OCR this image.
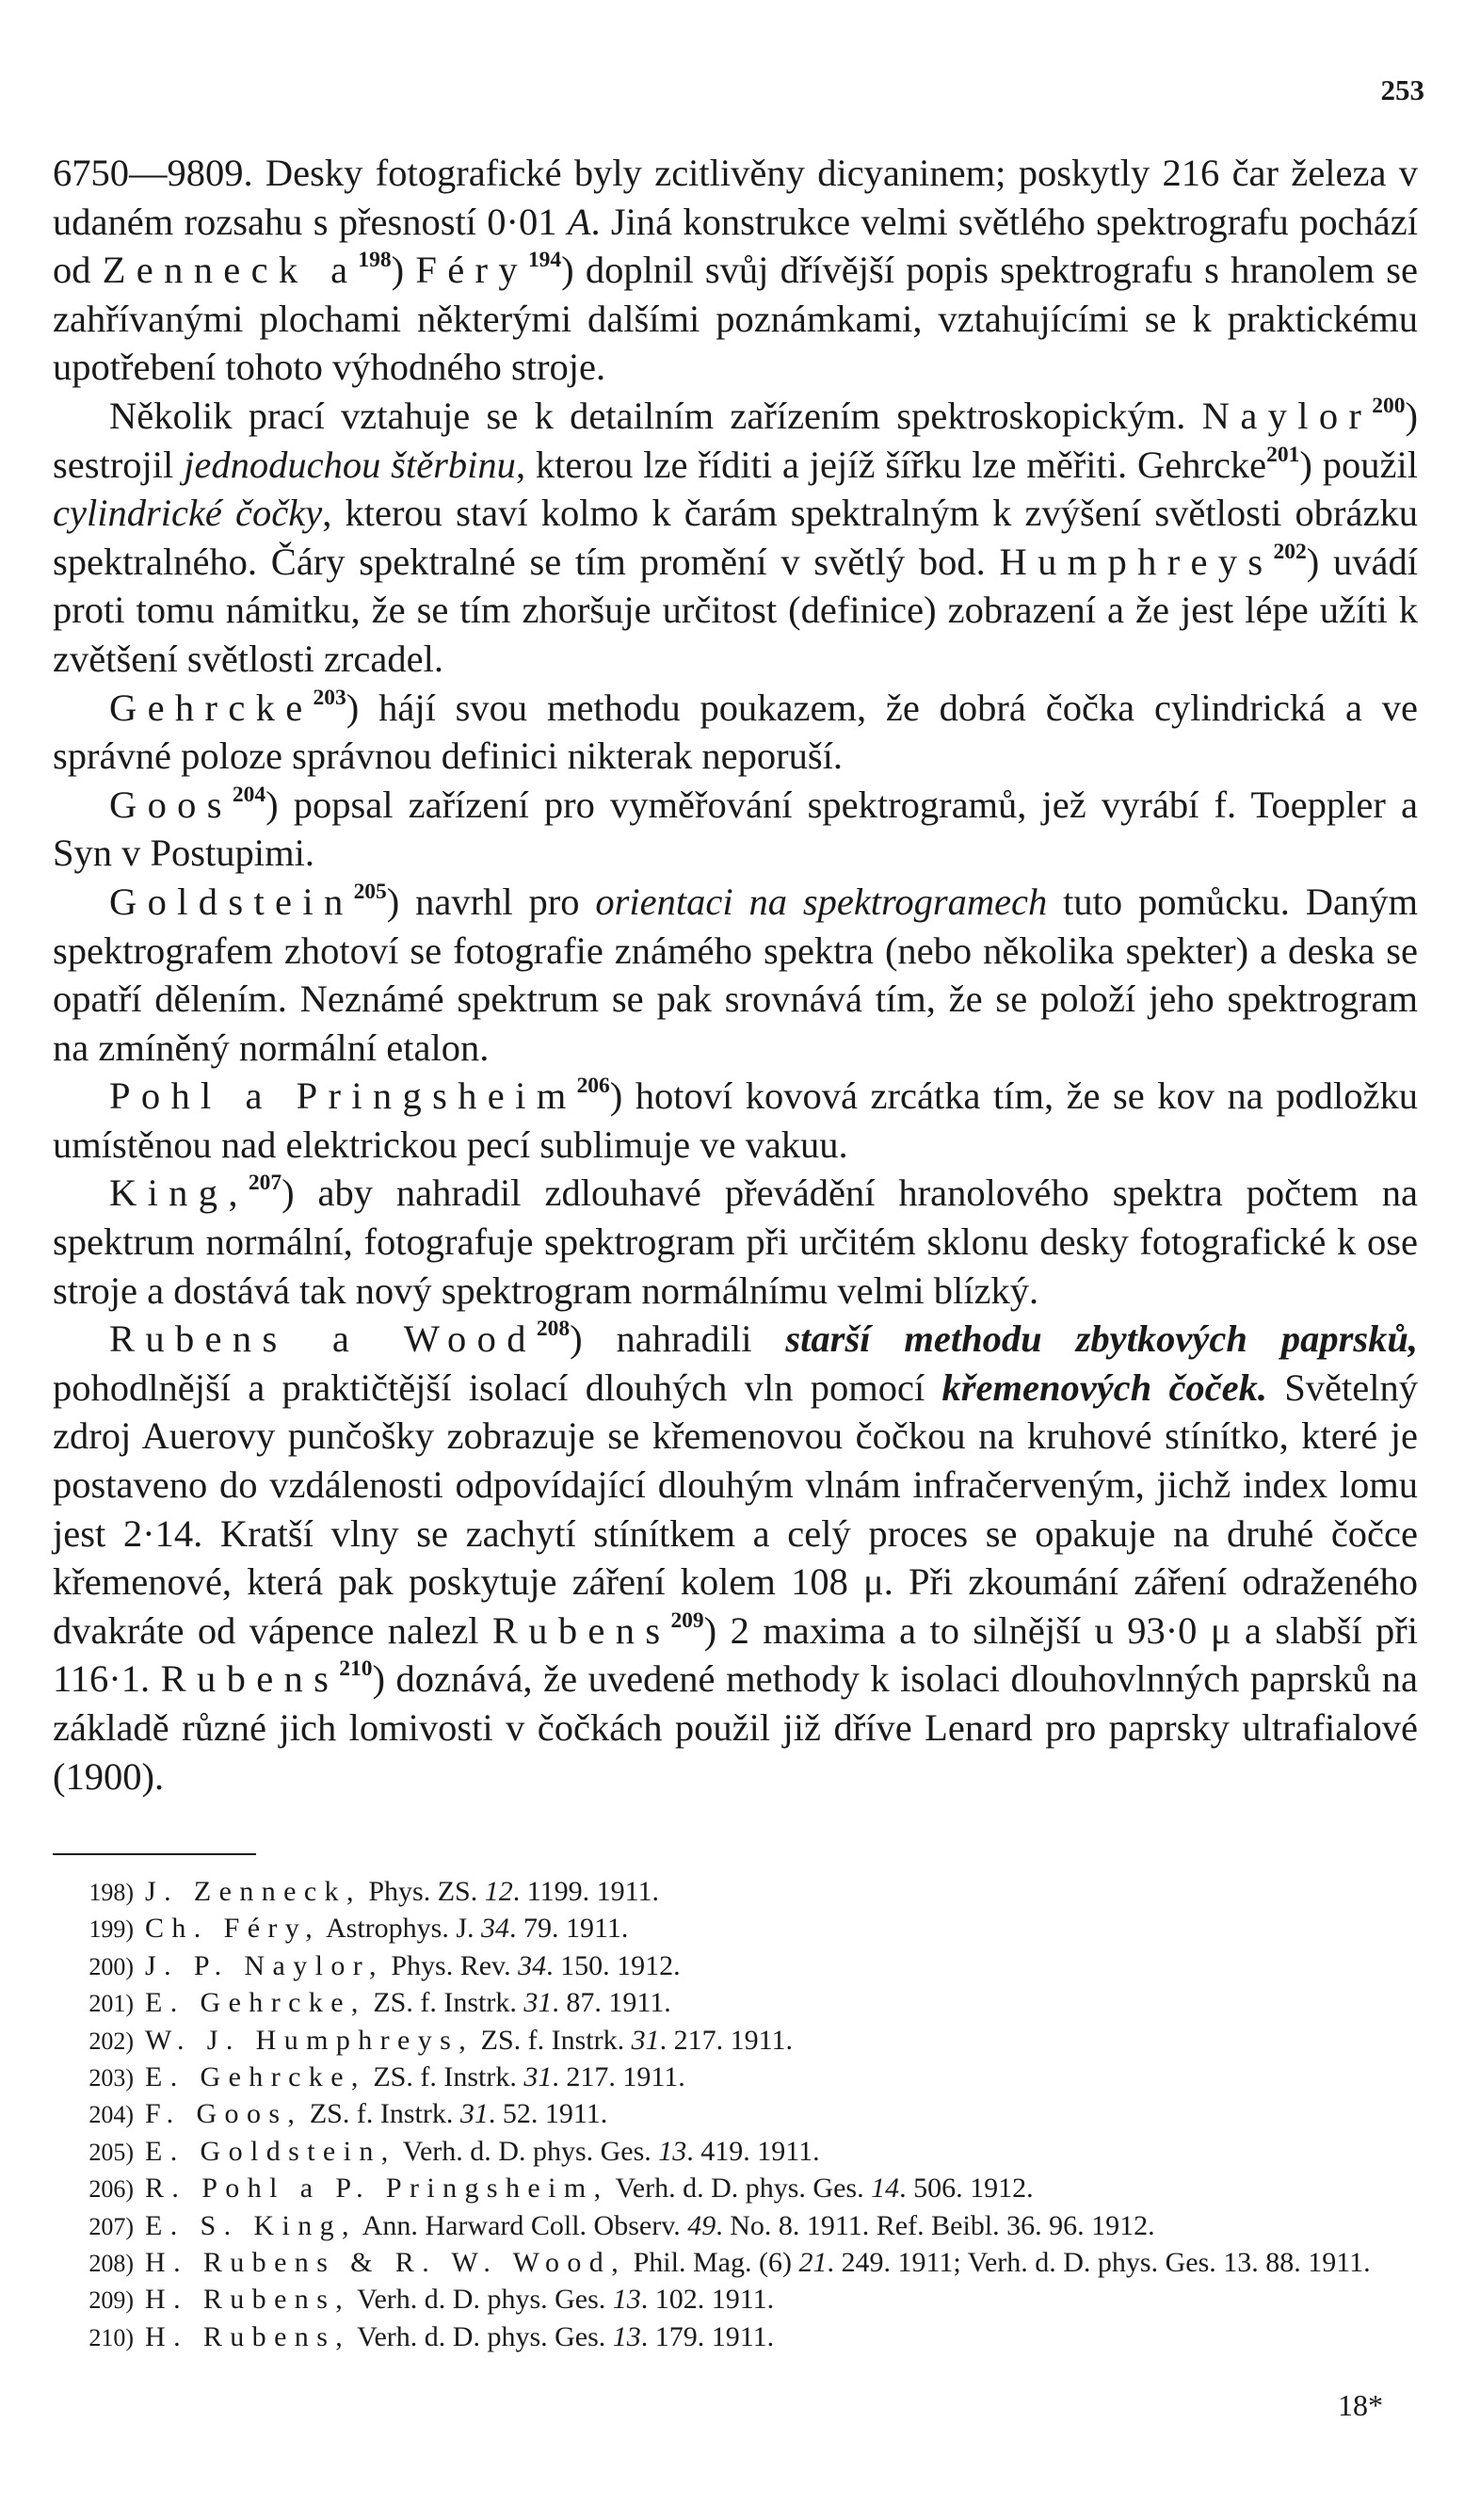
253

6750—9809. Desky fotografické byly zcitlivěny dicyaninem; poskytly 216 čar železa v udaném rozsahu s přesností 0·01 A. Jiná konstrukce velmi světlého spektrografu pochází od Zenneck $a^{198}$) Féry$^{194}$) doplnil svůj dřívější popis spektrografu s hranolem se zahřívanými plochami některými dalšími poznámkami, vztahujícími se k praktickému upotřebení tohoto výhodného stroje.

Několik prací vztahuje se k detailním zařízením spektroskopickým. Naylor$^{200}$) sestrojil jednoduchou štěrbinu, kterou lze říditi a jejíž šířku lze měřiti. Gehrcke$^{201}$) použil cylindrické čočky, kterou staví kolmo k čarám spektralným k zvýšení světlosti obrázku spektralného. Čáry spektralné se tím promění v světlý bod. Humphreys$^{202}$) uvádí proti tomu námitku, že se tím zhoršuje určitost (definice) zobrazení a že jest lépe užíti k zvětšení světlosti zrcadel.

Gehrcke$^{203}$) hájí svou methodu poukazem, že dobrá čočka cylindrická a ve správné poloze správnou definici nikterak neporuší.

Goos$^{204}$) popsal zařízení pro vyměřování spektrogramů, jež vyrábí f. Toeppler a Syn v Postupimi.

Goldstein$^{205}$) navrhl pro orientaci na spektrogramech tuto pomůcku. Daným spektrografem zhotoví se fotografie známého spektra (nebo několika spekter) a deska se opatří dělením. Neznámé spektrum se pak srovnává tím, že se položí jeho spektrogram na zmíněný normální etalon.

Pohl a Pringsheim$^{206}$) hotoví kovová zrcátka tím, že se kov na podložku umístěnou nad elektrickou pecí sublimuje ve vakuu.

King,$^{207}$) aby nahradil zdlouhavé převádění hranolového spektra počtem na spektrum normální, fotografuje spektrogram při určitém sklonu desky fotografické k ose stroje a dostává tak nový spektrogram normálnímu velmi blízký.

Rubens a Wood$^{208}$) nahradili starší methodu zbytkových paprsků, pohodlnější a praktičtější isolací dlouhých vln pomocí křemenových čoček. Světelný zdroj Auerovy punčošky zobrazuje se křemenovou čočkou na kruhové stínítko, které je postaveno do vzdálenosti odpovídající dlouhým vlnám infračerveným, jichž index lomu jest 2·14. Kratší vlny se zachytí stínítkem a celý proces se opakuje na druhé čočce křemenové, která pak poskytuje záření kolem 108 μ. Při zkoumání záření odraženého dvakráte od vápence nalezl Rubens$^{209}$) 2 maxima a to silnější u 93·0 μ a slabší při 116·1. Rubens$^{210}$) doznává, že uvedené methody k isolaci dlouhovlnných paprsků na základě různé jich lomivosti v čočkách použil již dříve Lenard pro paprsky ultrafialové (1900).

198) J. Zenneck, Phys. ZS. 12. 1199. 1911.

199) Ch. Féry, Astrophys. J. 34. 79. 1911.

200) J. P. Naylor, Phys. Rev. 34. 150. 1912.

201) E. Gehrcke, ZS. f. Instrk. 31. 87. 1911.

202) W. J. Humphreys, ZS. f. Instrk. 31. 217. 1911.

203) E. Gehrcke, ZS. f. Instrk. 31. 217. 1911.

204) F. Goos, ZS. f. Instrk. 31. 52. 1911.

205) E. Goldstein, Verh. d. D. phys. Ges. 13. 419. 1911.

206) R. Pohl a P. Pringsheim, Verh. d. D. phys. Ges. 14. 506. 1912.

207) E. S. King, Ann. Harward Coll. Observ. 49. No. 8. 1911. Ref. Beibl. 36. 96. 1912.

208) H. Rubens & R. W. Wood, Phil. Mag. (6) 21. 249. 1911; Verh. d. D. phys. Ges. 13. 88. 1911.

209) H. Rubens, Verh. d. D. phys. Ges. 13. 102. 1911.

210) H. Rubens, Verh. d. D. phys. Ges. 13. 179. 1911.

18*
